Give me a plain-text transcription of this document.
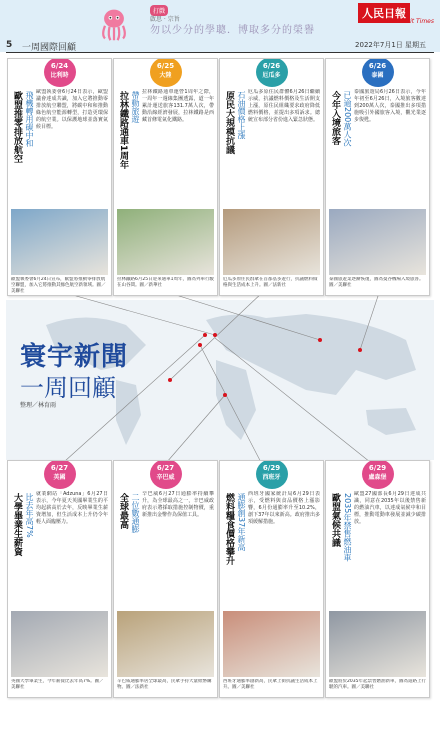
打戲
啟思 · 宗旨
勿以少分的學聰．博取多分的榮譽
人民日報
The Merit Times
5 一周國際回顧	2022年7月1日 星期五
寰宇新聞
一周回顧
整理／林育雨
6/24
比利時
歐盟推零排放航空 飛機轉用碳中和 歐盟執委會6月24日表示，歐盟議會達成共識，加入它將推動零排放航空聯盟，將碳中和和推動綠色航空能源轉型，打造更環保的航空業。以保護地球並落實氣候目標。
歐盟執委會6月24日宣布，歐盟將推動零排放航空聯盟，加入它將推動其綠色航空新領域。圖／美聯社
6/25
大陸
拉林鐵路通車1周年 帶動旅遊 拉林鐵路通車運營1周年之際，一周年一週線集團透露，道一年累計運送旅客131.7萬人次，帶動沿線經濟發展，拉林鐵路是西藏首條電氣化鐵路。
拉林鐵路6月25日迎來通車1周年，圖為列車行駛在山谷間。圖／新華社
6/26
厄瓜多
原民大規模抗議 石油價格上漲 厄瓜多原住民群體6月26日繼續示威，抗議燃料價格及生活開支上漲，原住民組織要求政府降低燃料價格，並提出多項訴求。總統宣布部分省份進入緊急狀態。
厄瓜多原住民群眾在首都基多遊行，抗議燃料價格與生活成本上升。圖／法新社
6/26
泰國
今年入境旅客 已逾200萬人次 泰國旅遊局6月26日表示，今年年初至6月26日，入境旅客數達到200萬人次，泰國推出多項措施吸引外國旅客入境，觀光業逐步復甦。
泰國旅遊業逐漸恢復，圖為曼谷機場入境旅客。圖／美聯社
6/27
英國
大學畢業生薪資 比去年高7% 就業網站「Adzuna」6月27日表示，今年夏天英國畢業生的平均起薪高於去年，反映畢業生薪資增加，但生活成本上升仍令年輕人面臨壓力。
英國大學畢業生，今年薪資比去年高7%。圖／美聯社
6/27
辛巴威
全球最高 二位數通膨 辛巴威6月27日通膨率持續攀升，為全球最高之一，辛巴威政府表示將採取措施控制物價，重新推出金幣作為保值工具。
辛巴威通膨率居全球最高，民眾手持大量紙幣購物。圖／法新社
6/29
西班牙
燃料糧食價格攀升 通膨創37年新高 西班牙國家統計局6月29日表示，受燃料與食品價格上漲影響，6月份通膨率升至10.2%，創下37年以來新高。政府推出多項緩解措施。
西班牙通膨率創新高，民眾上街抗議生活成本上升。圖／美聯社
6/29
盧森堡
歐盟氣候共識 2035年禁售燃油車 歐盟27國部長6月29日達成共識，同意在2035年以後禁售新的燃油汽車，以達成氣候中和目標，推動電動車發展並減少碳排放。
歐盟將於2035年起禁售燃油新車，圖為道路上行駛的汽車。圖／美聯社
